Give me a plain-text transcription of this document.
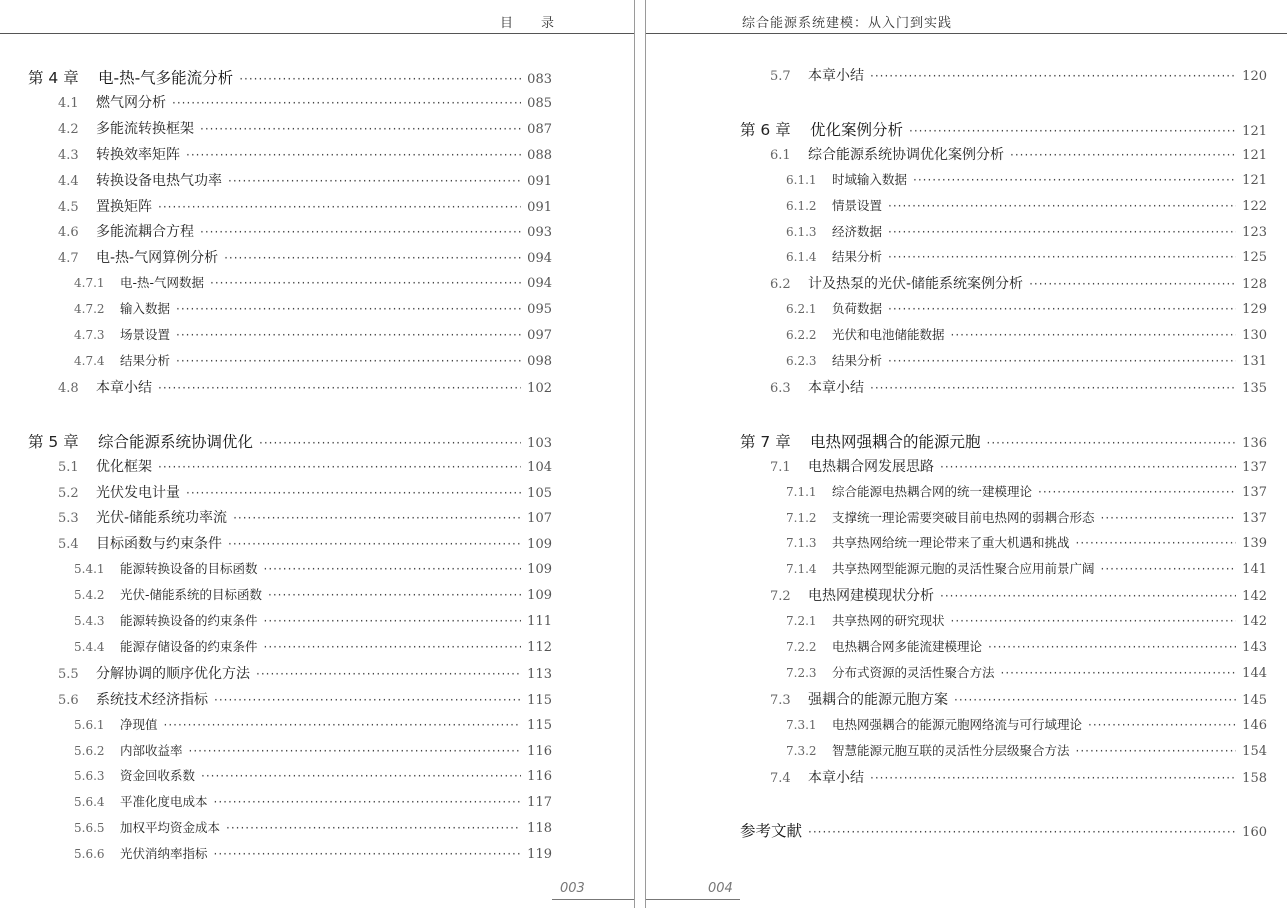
目录
第 4 章	电-热-气多能流分析 ·····	083
4.1	燃气网分析 ·····	085
4.2	多能流转换框架 ·····	087
4.3	转换效率矩阵 ·····	088
4.4	转换设备电热气功率 ·····	091
4.5	置换矩阵 ·····	091
4.6	多能流耦合方程 ·····	093
4.7	电-热-气网算例分析 ·····	094
4.7.1	电-热-气网数据 ·····	094
4.7.2	输入数据 ·····	095
4.7.3	场景设置 ·····	097
4.7.4	结果分析 ·····	098
4.8	本章小结 ·····	102
第 5 章	综合能源系统协调优化 ·····	103
5.1	优化框架 ·····	104
5.2	光伏发电计量 ·····	105
5.3	光伏-储能系统功率流 ·····	107
5.4	目标函数与约束条件 ·····	109
5.4.1	能源转换设备的目标函数 ·····	109
5.4.2	光伏-储能系统的目标函数 ·····	109
5.4.3	能源转换设备的约束条件 ·····	111
5.4.4	能源存储设备的约束条件 ·····	112
5.5	分解协调的顺序优化方法 ·····	113
5.6	系统技术经济指标 ·····	115
5.6.1	净现值 ·····	115
5.6.2	内部收益率 ·····	116
5.6.3	资金回收系数 ·····	116
5.6.4	平准化度电成本 ·····	117
5.6.5	加权平均资金成本 ·····	118
5.6.6	光伏消纳率指标 ·····	119
003
综合能源系统建模：从入门到实践
5.7	本章小结 ·····	120
第 6 章	优化案例分析 ·····	121
6.1	综合能源系统协调优化案例分析 ·····	121
6.1.1	时域输入数据 ·····	121
6.1.2	情景设置 ·····	122
6.1.3	经济数据 ·····	123
6.1.4	结果分析 ·····	125
6.2	计及热泵的光伏-储能系统案例分析 ·····	128
6.2.1	负荷数据 ·····	129
6.2.2	光伏和电池储能数据 ·····	130
6.2.3	结果分析 ·····	131
6.3	本章小结 ·····	135
第 7 章	电热网强耦合的能源元胞 ·····	136
7.1	电热耦合网发展思路 ·····	137
7.1.1	综合能源电热耦合网的统一建模理论 ·····	137
7.1.2	支撑统一理论需要突破目前电热网的弱耦合形态 ·····	137
7.1.3	共享热网给统一理论带来了重大机遇和挑战 ·····	139
7.1.4	共享热网型能源元胞的灵活性聚合应用前景广阔 ·····	141
7.2	电热网建模现状分析 ·····	142
7.2.1	共享热网的研究现状 ·····	142
7.2.2	电热耦合网多能流建模理论 ·····	143
7.2.3	分布式资源的灵活性聚合方法 ·····	144
7.3	强耦合的能源元胞方案 ·····	145
7.3.1	电热网强耦合的能源元胞网络流与可行域理论 ·····	146
7.3.2	智慧能源元胞互联的灵活性分层级聚合方法 ·····	154
7.4	本章小结 ·····	158
参考文献 ·····	160
004
